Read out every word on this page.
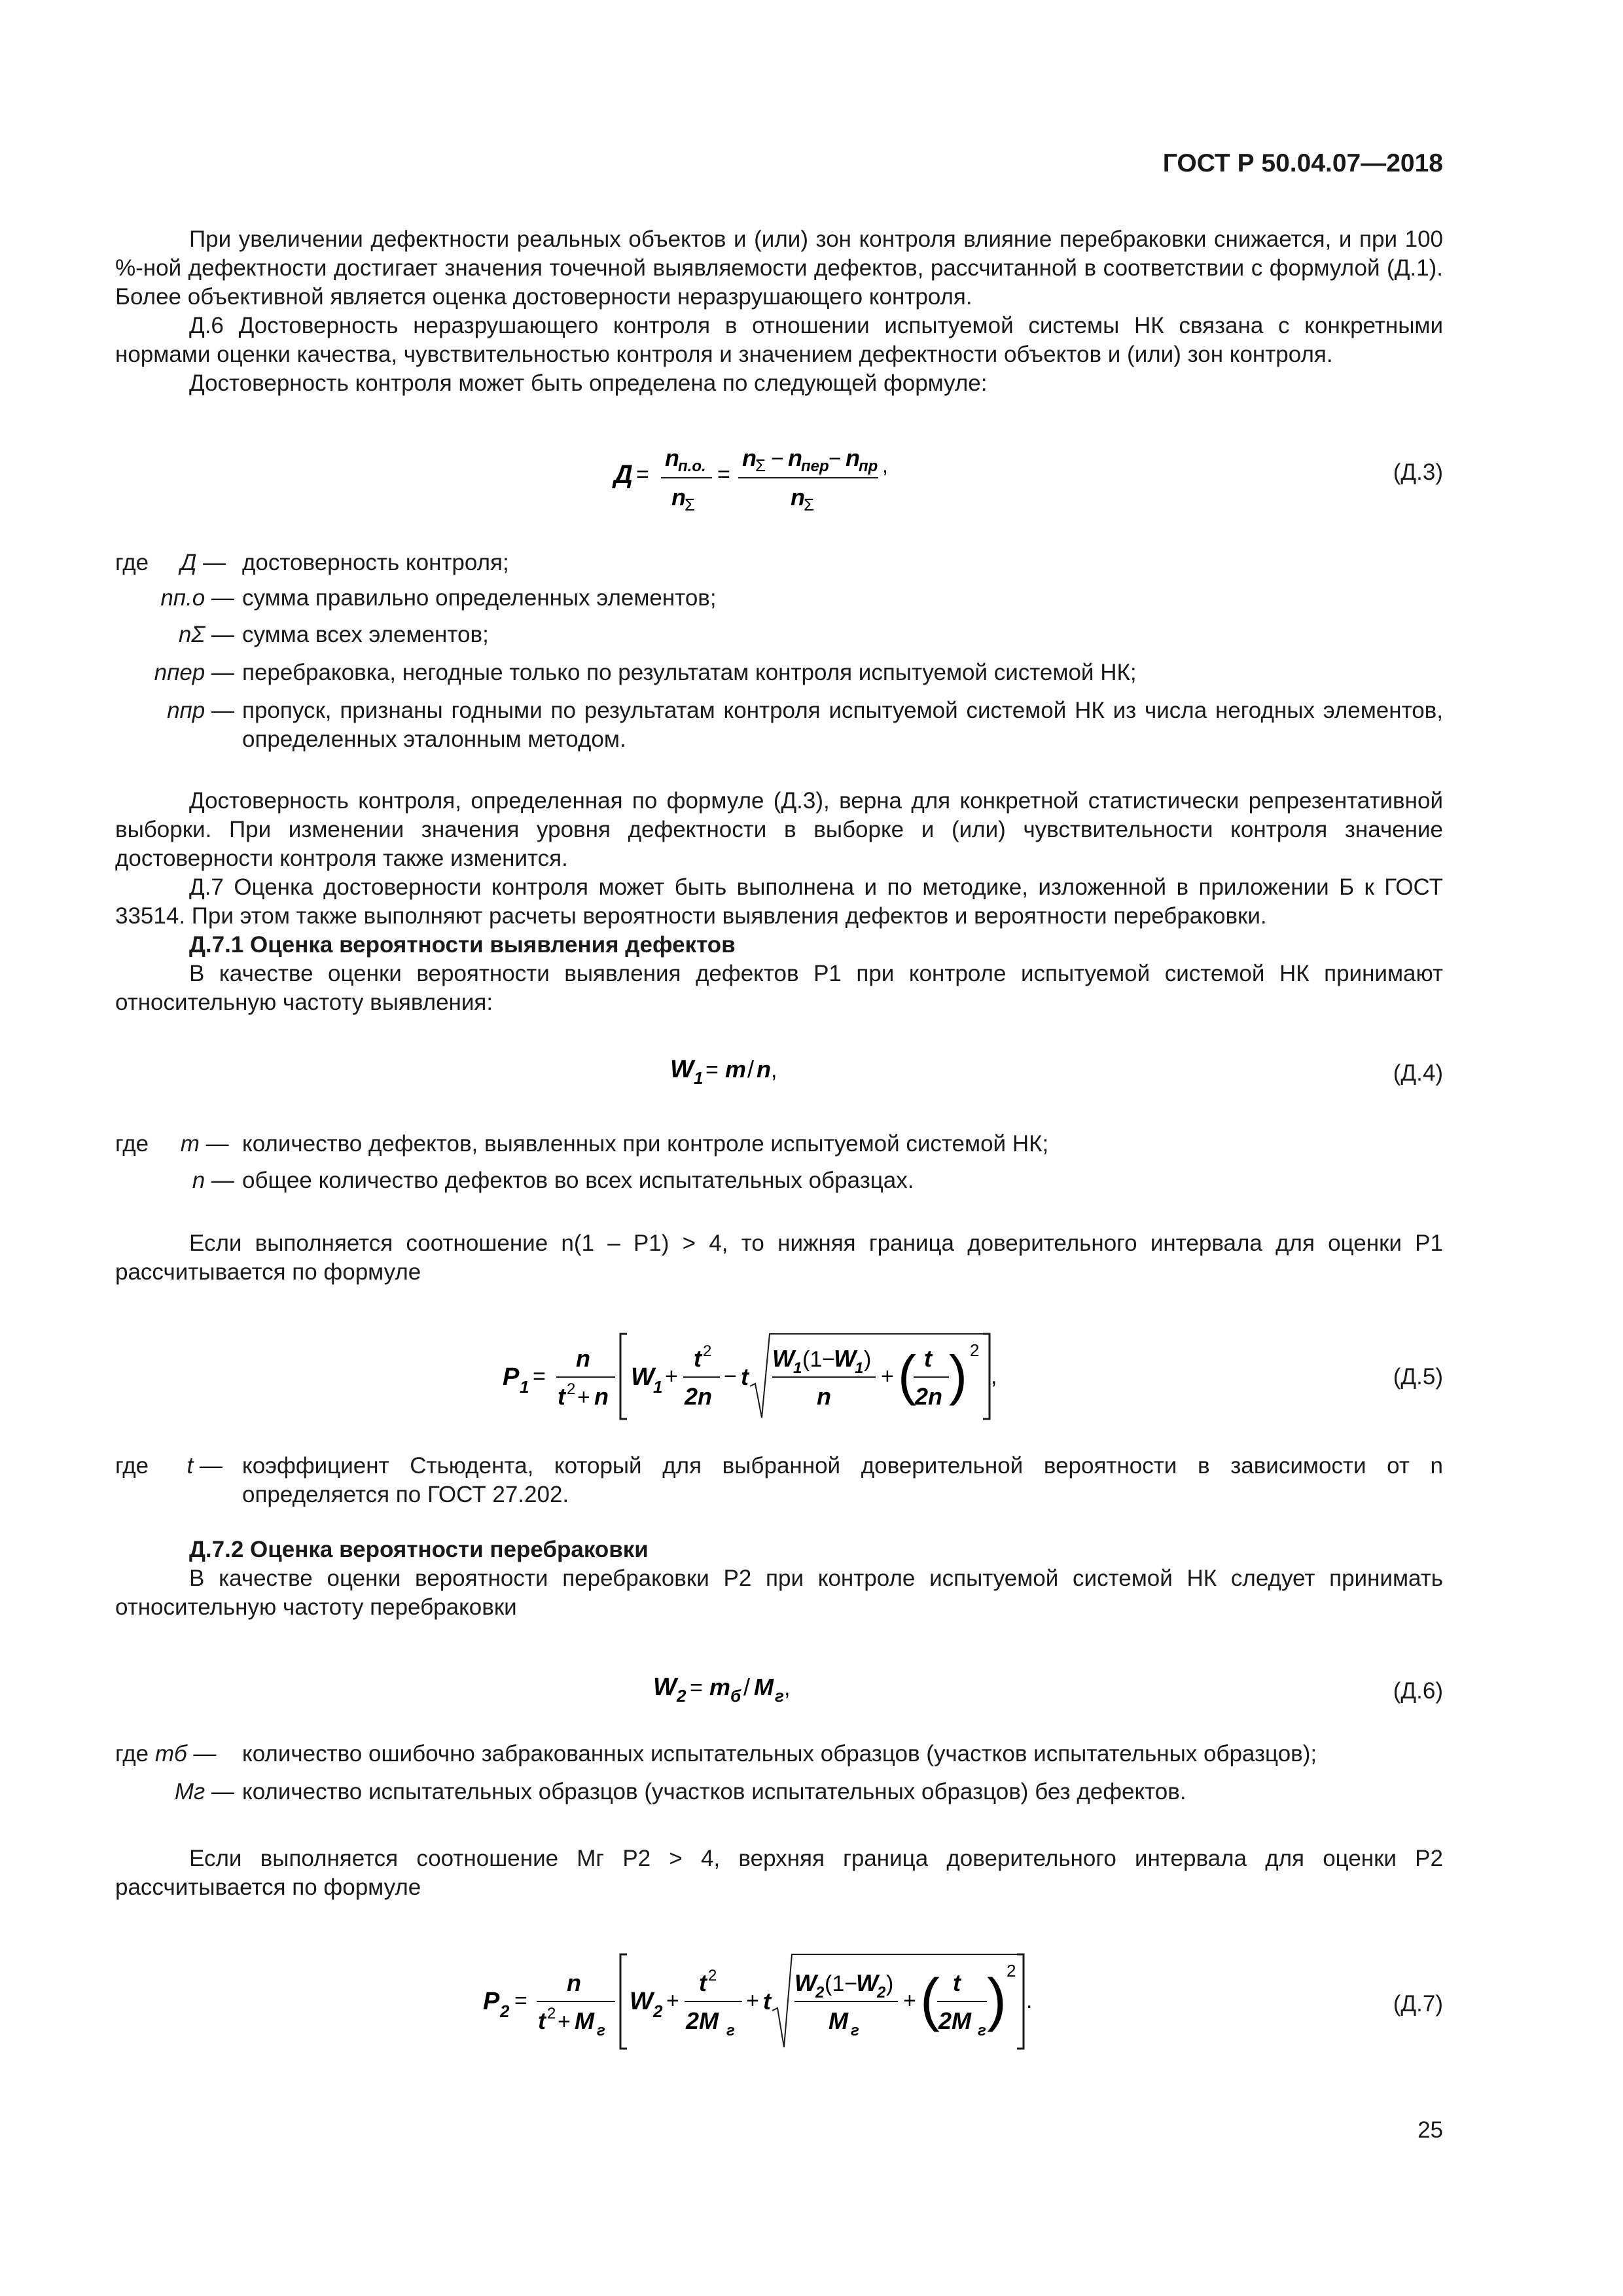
ГОСТ Р 50.04.07—2018

При увеличении дефектности реальных объектов и (или) зон контроля влияние перебраковки снижается, и при 100 %-ной дефектности достигает значения точечной выявляемости дефектов, рассчитанной в соответствии с формулой (Д.1). Более объективной является оценка достоверности неразрушающего контроля.

Д.6 Достоверность неразрушающего контроля в отношении испытуемой системы НК связана с конкретными нормами оценки качества, чувствительностью контроля и значением дефектности объектов и (или) зон контроля.

Достоверность контроля может быть определена по следующей формуле:

Д =
n
п.о.
n
Σ
=
n
Σ − n
пер − n
пр
n
Σ
,	(Д.3)
где Д — достоверность контроля;
nп.о — сумма правильно определенных элементов;
nΣ — сумма всех элементов;
nпер — перебраковка, негодные только по результатам контроля испытуемой системой НК;
nпр — пропуск, признаны годными по результатам контроля испытуемой системой НК из числа негодных элементов, определенных эталонным методом.

Достоверность контроля, определенная по формуле (Д.3), верна для конкретной статистически репрезентативной выборки. При изменении значения уровня дефектности в выборке и (или) чувствительности контроля значение достоверности контроля также изменится.

Д.7 Оценка достоверности контроля может быть выполнена и по методике, изложенной в приложении Б к ГОСТ 33514. При этом также выполняют расчеты вероятности выявления дефектов и вероятности перебраковки.

Д.7.1 Оценка вероятности выявления дефектов

В качестве оценки вероятности выявления дефектов P1 при контроле испытуемой системой НК принимают относительную частоту выявления:

W 1 = m / n ,	(Д.4)
где m — количество дефектов, выявленных при контроле испытуемой системой НК;
n — общее количество дефектов во всех испытательных образцах.

Если выполняется соотношение n(1 – P1) > 4, то нижняя граница доверительного интервала для оценки P1 рассчитывается по формуле

P 1 =
n
t 2 + n
W
1 +
t 2
2n
− t
W
1 (1−
W
1 )
n
+ ( t
2n ) 2
,	(Д.5)
где t — коэффициент Стьюдента, который для выбранной доверительной вероятности в зависимости от n определяется по ГОСТ 27.202.

Д.7.2 Оценка вероятности перебраковки

В качестве оценки вероятности перебраковки P2 при контроле испытуемой системой НК следует принимать относительную частоту перебраковки

W 2 = m б / M г ,	(Д.6)
где mб —	количество ошибочно забракованных испытательных образцов (участков испытательных образцов);
Mг — количество испытательных образцов (участков испытательных образцов) без дефектов.

Если выполняется соотношение Mг P2 > 4, верхняя граница доверительного интервала для оценки P2 рассчитывается по формуле

P 2 =
n
t 2 + M г
W 2 +
t 2
2M г
+ t
W
2 (1−
W
2 )
M г
+ ( t
2M г ) 2
.	(Д.7)
25
